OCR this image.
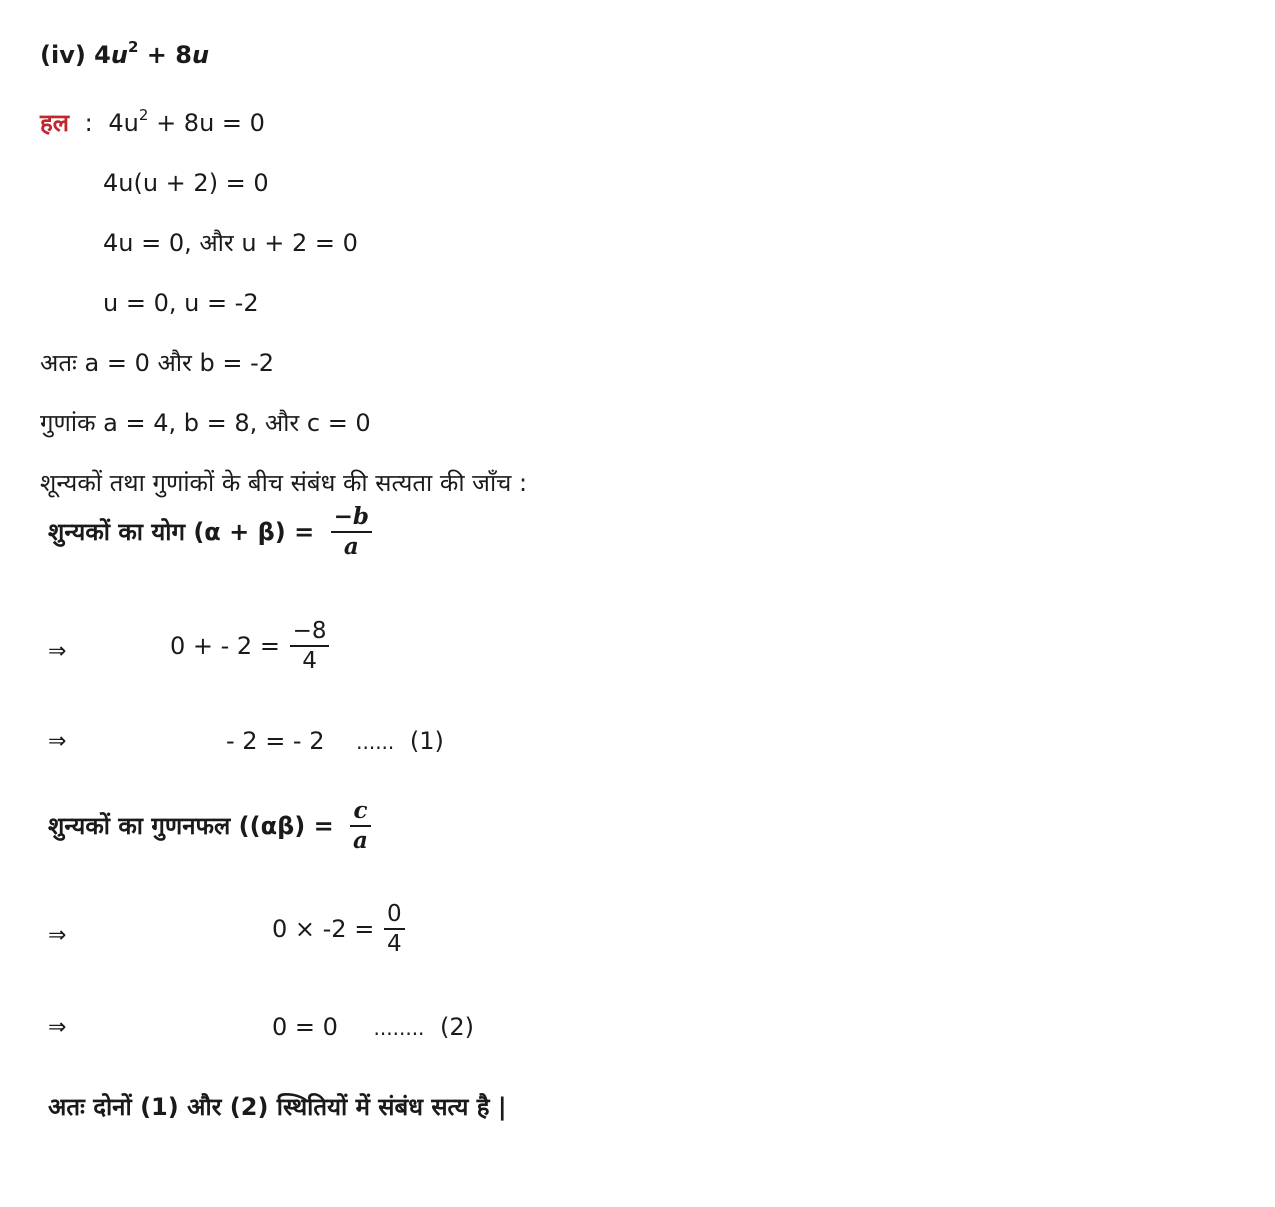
(iv) $4u^2 + 8u$
हल : $4u^2 + 8u = 0$
4u(u + 2) = 0
4u = 0, और u + 2 = 0
u = 0, u = -2
अतः a = 0 और b = -2
गुणांक a = 4, b = 8, और c = 0
शून्यकों तथा गुणांकों के बीच संबंध की सत्यता की जाँच :
शुन्यकों का योग $(\alpha + \beta) = \frac{-b}{a}$
⇒	0 + - $2 = \frac{-8}{4}$
⇒	- 2 = - 2 ...... (1)
शुन्यकों का गुणनफल ($(\alpha\beta) = \frac{c}{a}$
⇒	$0 \times -2 = \frac{0}{4}$
⇒	0 = 0 ........ (2)
अतः दोनों (1) और (2) स्थितियों में संबंध सत्य है |
